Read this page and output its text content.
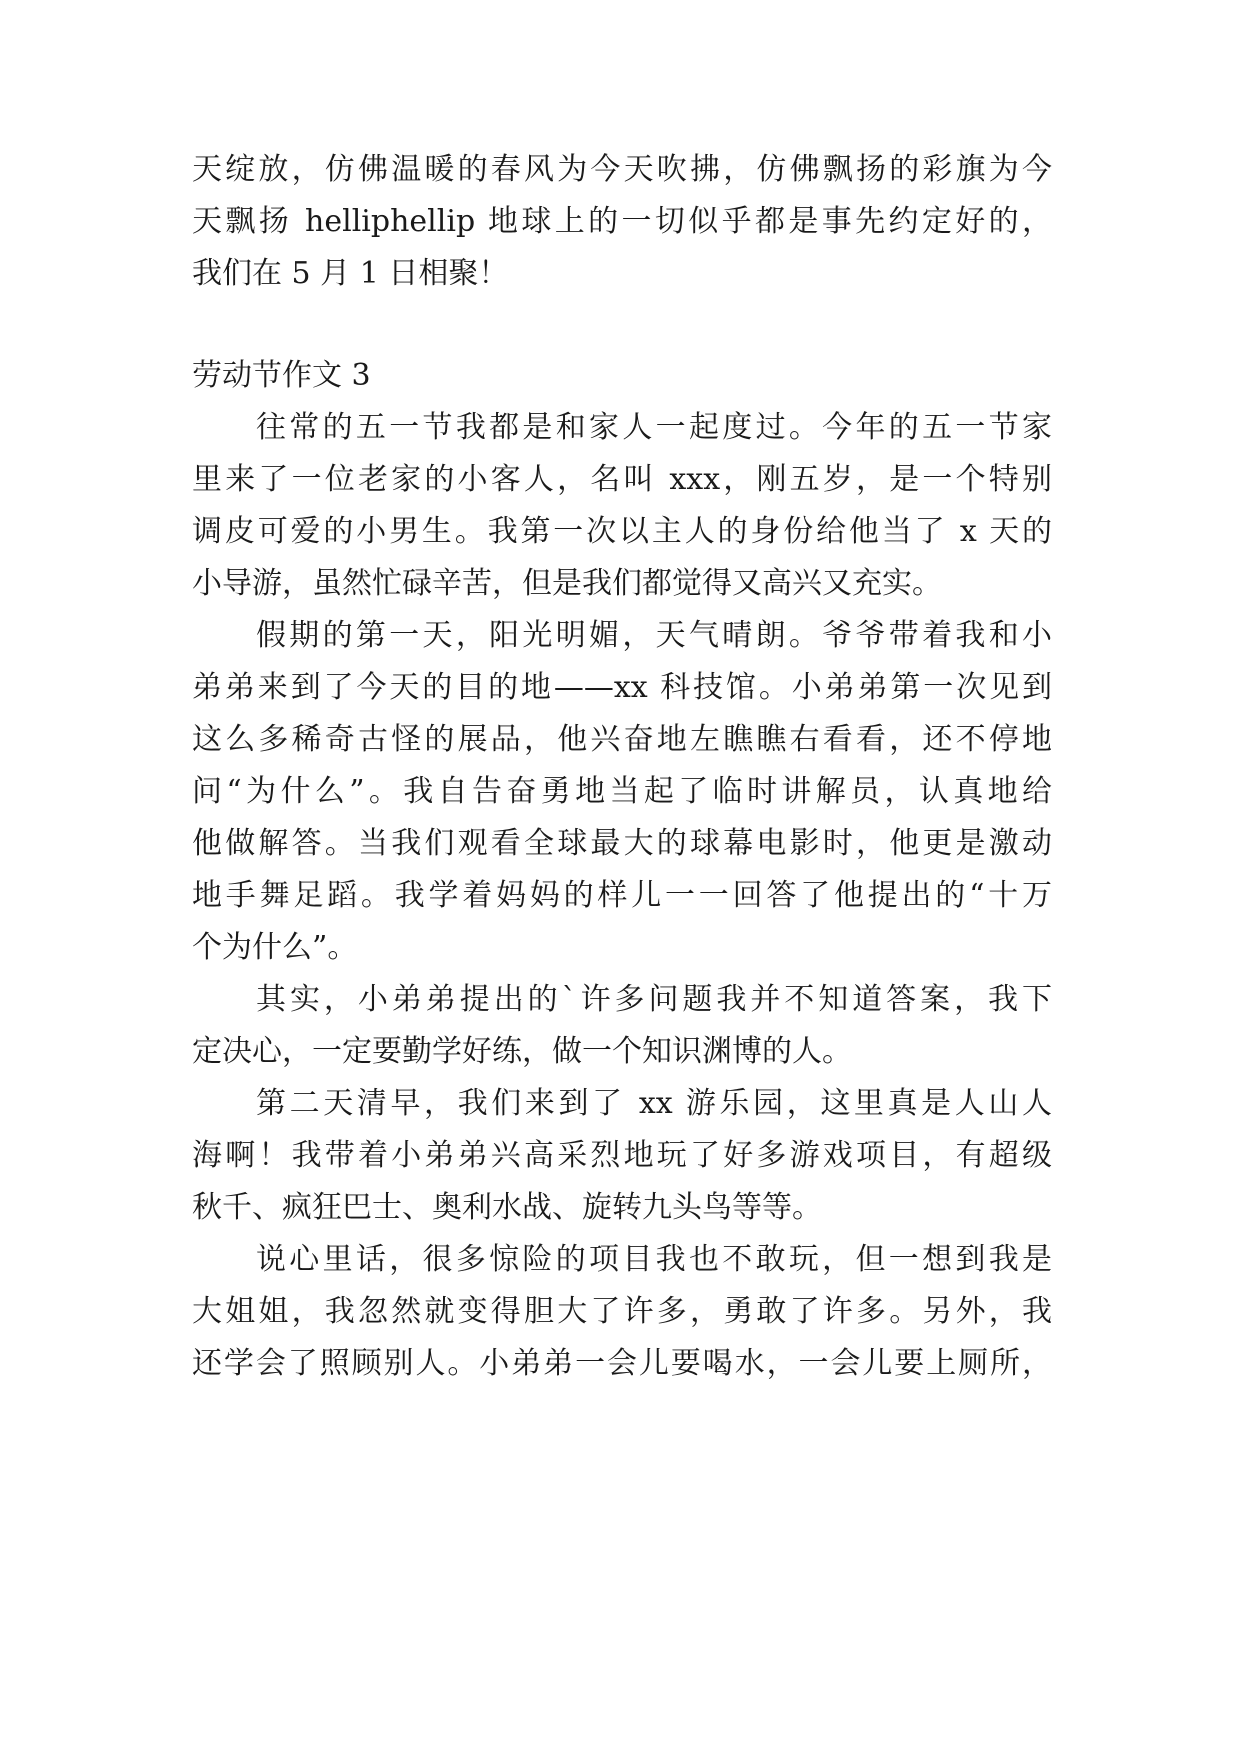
天绽放，仿佛温暖的春风为今天吹拂，仿佛飘扬的彩旗为今
天飘扬 helliphellip 地球上的一切似乎都是事先约定好的，
我们在 5 月 1 日相聚！
劳动节作文 3
往常的五一节我都是和家人一起度过。今年的五一节家
里来了一位老家的小客人，名叫 xxx，刚五岁，是一个特别
调皮可爱的小男生。我第一次以主人的身份给他当了 x 天的
小导游，虽然忙碌辛苦，但是我们都觉得又高兴又充实。
假期的第一天，阳光明媚，天气晴朗。爷爷带着我和小
弟弟来到了今天的目的地——xx 科技馆。小弟弟第一次见到
这么多稀奇古怪的展品，他兴奋地左瞧瞧右看看，还不停地
问“为什么”。我自告奋勇地当起了临时讲解员，认真地给
他做解答。当我们观看全球最大的球幕电影时，他更是激动
地手舞足蹈。我学着妈妈的样儿一一回答了他提出的“十万
个为什么”。
其实，小弟弟提出的`许多问题我并不知道答案，我下
定决心，一定要勤学好练，做一个知识渊博的人。
第二天清早，我们来到了 xx 游乐园，这里真是人山人
海啊！我带着小弟弟兴高采烈地玩了好多游戏项目，有超级
秋千、疯狂巴士、奥利水战、旋转九头鸟等等。
说心里话，很多惊险的项目我也不敢玩，但一想到我是
大姐姐，我忽然就变得胆大了许多，勇敢了许多。另外，我
还学会了照顾别人。小弟弟一会儿要喝水，一会儿要上厕所，
